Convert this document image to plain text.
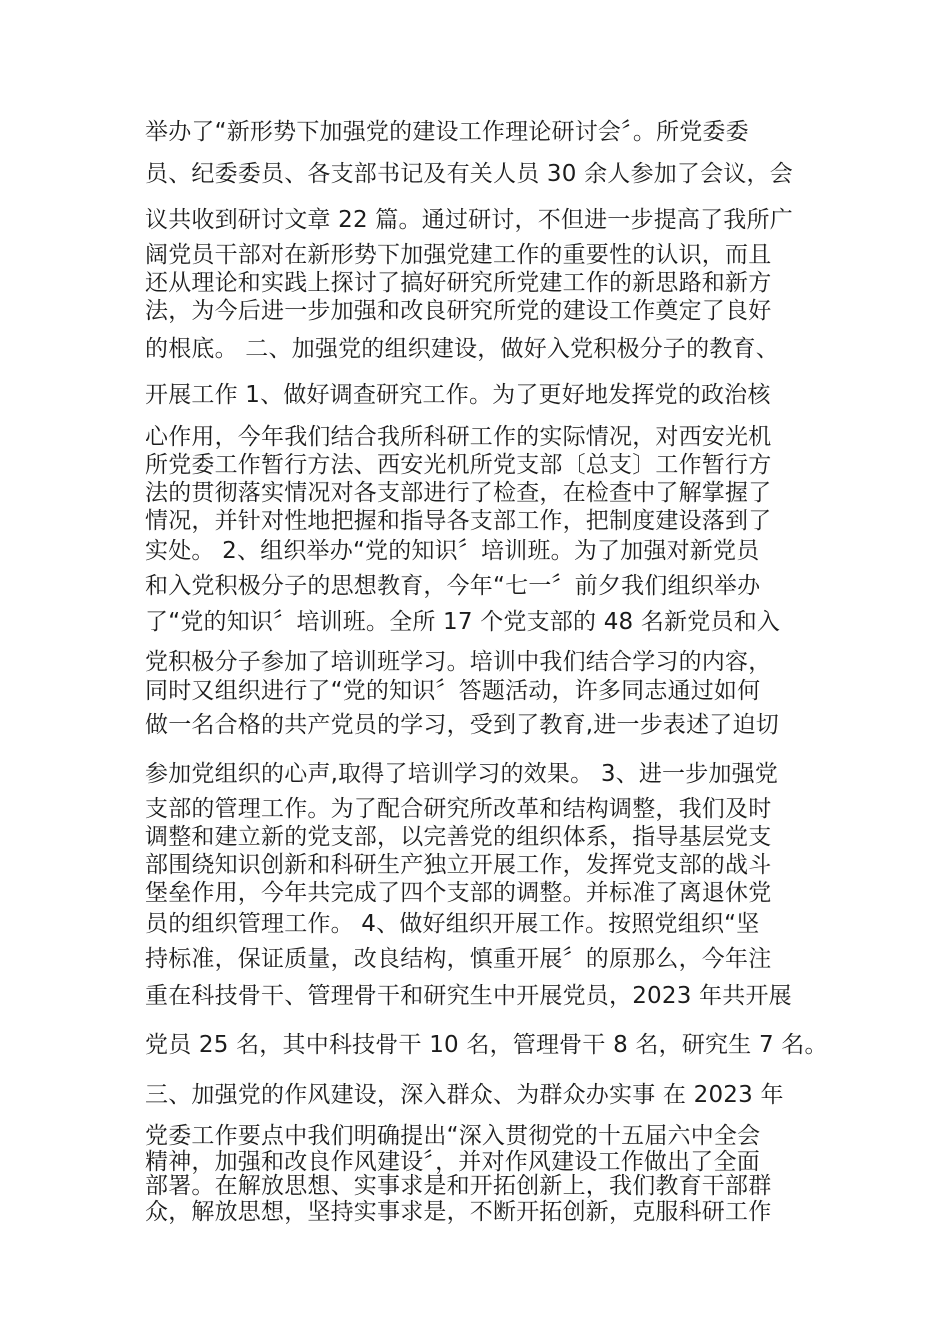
举办了“新形势下加强党的建设工作理论研讨会〞。所党委委
员、纪委委员、各支部书记及有关人员 30 余人参加了会议，会
议共收到研讨文章 22 篇。通过研讨，不但进一步提高了我所广
阔党员干部对在新形势下加强党建工作的重要性的认识，而且
还从理论和实践上探讨了搞好研究所党建工作的新思路和新方
法，为今后进一步加强和改良研究所党的建设工作奠定了良好
的根底。 二、加强党的组织建设，做好入党积极分子的教育、
开展工作 1、做好调查研究工作。为了更好地发挥党的政治核
心作用，今年我们结合我所科研工作的实际情况，对西安光机
所党委工作暂行方法、西安光机所党支部〔总支〕工作暂行方
法的贯彻落实情况对各支部进行了检查，在检查中了解掌握了
情况，并针对性地把握和指导各支部工作，把制度建设落到了
实处。 2、组织举办“党的知识〞培训班。为了加强对新党员
和入党积极分子的思想教育，今年“七一〞前夕我们组织举办
了“党的知识〞培训班。全所 17 个党支部的 48 名新党员和入
党积极分子参加了培训班学习。培训中我们结合学习的内容，
同时又组织进行了“党的知识〞答题活动，许多同志通过如何
做一名合格的共产党员的学习，受到了教育,进一步表述了迫切
参加党组织的心声,取得了培训学习的效果。 3、进一步加强党
支部的管理工作。为了配合研究所改革和结构调整，我们及时
调整和建立新的党支部，以完善党的组织体系，指导基层党支
部围绕知识创新和科研生产独立开展工作，发挥党支部的战斗
堡垒作用，今年共完成了四个支部的调整。并标准了离退休党
员的组织管理工作。 4、做好组织开展工作。按照党组织“坚
持标准，保证质量，改良结构，慎重开展〞的原那么，今年注
重在科技骨干、管理骨干和研究生中开展党员，2023 年共开展
党员 25 名，其中科技骨干 10 名，管理骨干 8 名，研究生 7 名。
三、加强党的作风建设，深入群众、为群众办实事 在 2023 年
党委工作要点中我们明确提出“深入贯彻党的十五届六中全会
精神，加强和改良作风建设〞，并对作风建设工作做出了全面
部署。在解放思想、实事求是和开拓创新上，我们教育干部群
众，解放思想，坚持实事求是，不断开拓创新，克服科研工作
